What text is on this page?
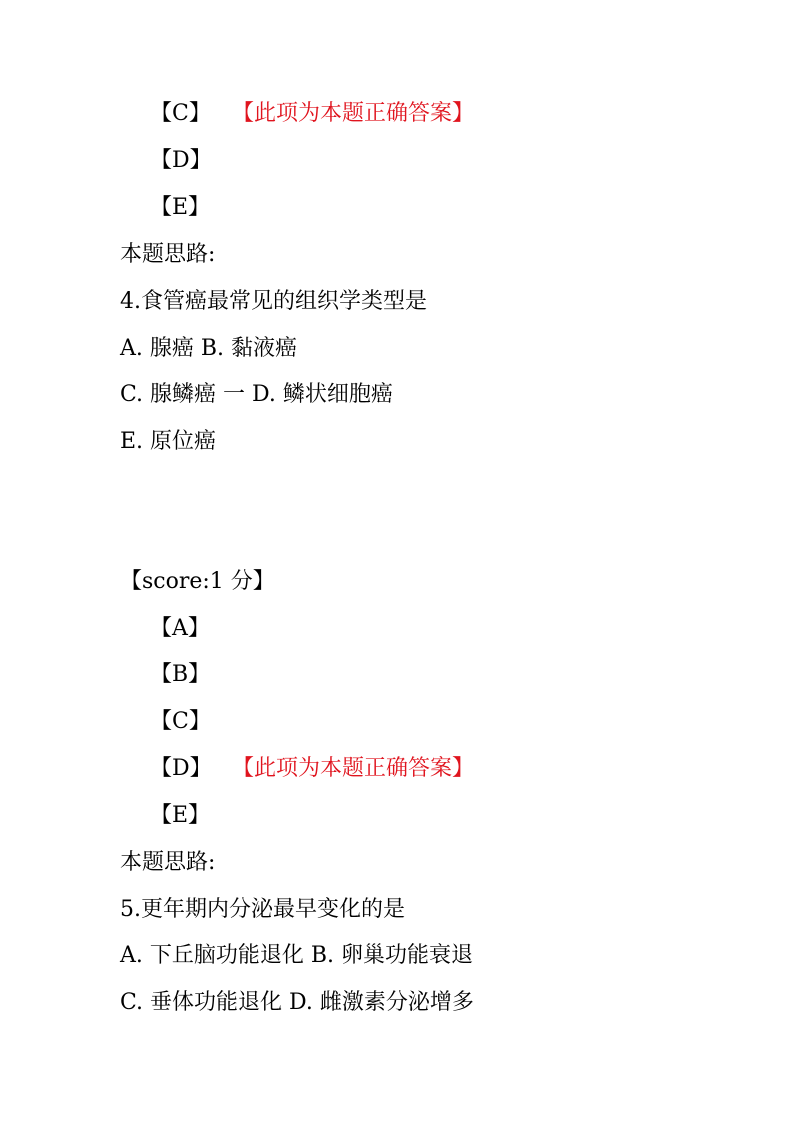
【C】 【此项为本题正确答案】
【D】
【E】
本题思路:
4.食管癌最常见的组织学类型是
A. 腺癌 B. 黏液癌
C. 腺鳞癌 一 D. 鳞状细胞癌
E. 原位癌
【score:1 分】
【A】
【B】
【C】
【D】 【此项为本题正确答案】
【E】
本题思路:
5.更年期内分泌最早变化的是
A. 下丘脑功能退化 B. 卵巢功能衰退
C. 垂体功能退化 D. 雌激素分泌增多
